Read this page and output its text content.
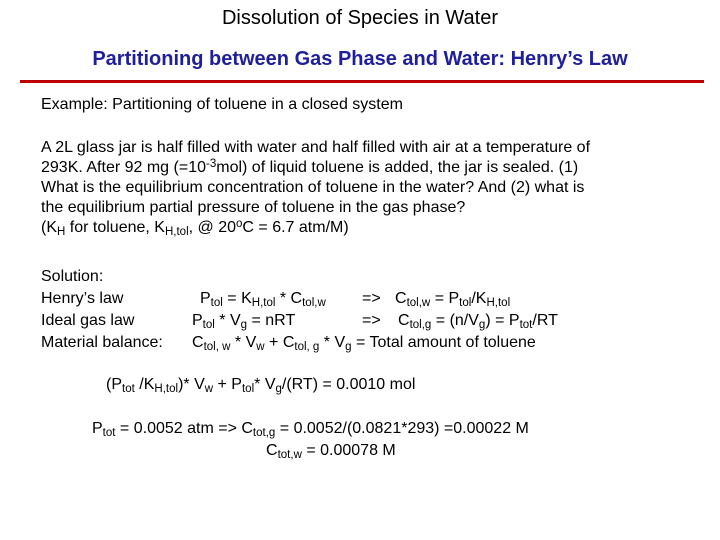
Dissolution of Species in Water
Partitioning between Gas Phase and Water: Henry’s Law
Example: Partitioning of toluene in a closed system
A 2L glass jar is half filled with water and half filled with air at a temperature of
293K. After 92 mg $(=10^{-3}mol)$ of liquid toluene is added, the jar is sealed. (1)
What is the equilibrium concentration of toluene in the water? And (2) what is
the equilibrium partial pressure of toluene in the gas phase?
($K_H$ for toluene, $K_{H,tol}$, @ $20^oC = 6.7$ atm/M)
Solution:
Henry’s law	$P_{tol} = K_{H,tol} * C_{tol,w} => C_{tol,w} = P_{tol}/K_{H,tol}$
Ideal gas law	$P_{tol} * V_g$ = nRT	=> $C_{tol,g} = (n/V_g) = P_{tot}/RT$
Material balance: $C_{tol, w} * V_w + C_{tol, g} * V_g$ = Total amount of toluene
($P_{tot}$ $/K_{H,tol})*$ $V_w + P_{tol}*$ $V_g/(RT) = 0.0010$ mol
$P_{tot} = 0.0052$ atm => $C_{tot,g} = 0.0052/(0.0821*293) =0.00022$ M
$C_{tot,w} = 0.00078$ M
